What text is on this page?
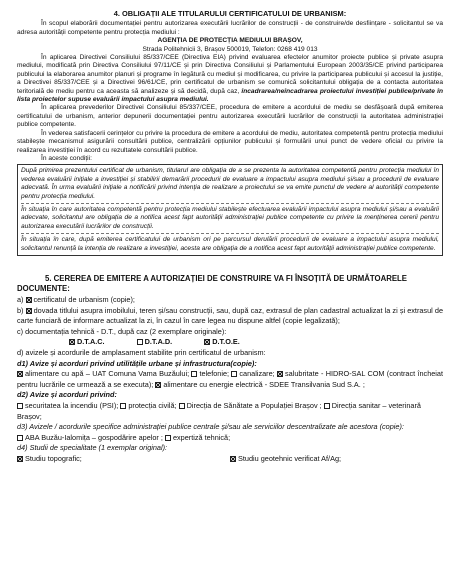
4. OBLIGAȚII ALE TITULARULUI CERTIFICATULUI DE URBANISM:

În scopul elaborării documentației pentru autorizarea executării lucrărilor de construcții - de construire/de desființare - solicitantul se va adresa autorității competente pentru protecția mediului :

AGENȚIA DE PROTECȚIA MEDIULUI BRAȘOV,
Strada Politehnicii 3, Brașov 500019, Telefon: 0268 419 013

În aplicarea Directivei Consiliului 85/337/CEE (Directiva EIA) privind evaluarea efectelor anumitor proiecte publice și private asupra mediului, modificată prin Directiva Consiliului 97/11/CE și prin Directiva Consiliului și Parlamentului European 2003/35/CE privind participarea publicului la elaborarea anumitor planuri și programe în legătură cu mediul și modificarea, cu privire la participarea publicului și accesul la justiție, a Directivei 85/337/CEE și a Directivei 96/61/CE, prin certificatul de urbanism se comunică solicitantului obligația de a contacta autoritatea teritorială de mediu pentru ca aceasta să analizeze și să decidă, după caz, încadrarea/neîncadrarea proiectului investiției publice/private în lista proiectelor supuse evaluării impactului asupra mediului.

În aplicarea prevederilor Directivei Consiliului 85/337/CEE, procedura de emitere a acordului de mediu se desfășoară după emiterea certificatului de urbanism, anterior depunerii documentației pentru autorizarea executării lucrărilor de construcții la autoritatea administrației publice competente.

În vederea satisfacerii cerințelor cu privire la procedura de emitere a acordului de mediu, autoritatea competentă pentru protecția mediului stabilește mecanismul asigurării consultării publice, centralizării opțiunilor publicului și formulării unui punct de vedere oficial cu privire la realizarea investiției în acord cu rezultatele consultării publice.

În aceste condiții:

După primirea prezentului certificat de urbanism, titularul are obligația de a se prezenta la autoritatea competentă pentru protecția mediului în vederea evaluării inițiale a investiției și stabilirii demarării procedurii de evaluare a impactului asupra mediului și/sau a procedurii de evaluare adecvată. În urma evaluării inițiale a notificării privind intenția de realizare a proiectului se va emite punctul de vedere al autorității competente pentru protecția mediului.

În situația în care autoritatea competentă pentru protecția mediului stabilește efectuarea evaluării impactului asupra mediului și/sau a evaluării adecvate, solicitantul are obligația de a notifica acest fapt autorității administrației publice competente cu privire la menținerea cererii pentru autorizarea executării lucrărilor de construcții.

În situația în care, după emiterea certificatului de urbanism ori pe parcursul derulării procedurii de evaluare a impactului asupra mediului, solicitantul renunță la intenția de realizare a investiției, acesta are obligația de a notifica acest fapt autorității administrației publice competente.

5. CEREREA DE EMITERE A AUTORIZAȚIEI DE CONSTRUIRE VA FI ÎNSOȚITĂ DE URMĂTOARELE
DOCUMENTE:
a) certificatul de urbanism (copie);
b) dovada titlului asupra imobilului, teren și/sau construcții, sau, după caz, extrasul de plan cadastral actualizat la zi și extrasul de carte funciară de informare actualizat la zi, în cazul în care legea nu dispune altfel (copie legalizată);
c) documentația tehnică - D.T., după caz (2 exemplare originale):
D.T.A.C.	D.T.A.D.	D.T.O.E.
d) avizele și acordurile de amplasament stabilite prin certificatul de urbanism:
d1) Avize și acorduri privind utilitățile urbane și infrastructura(copie):
alimentare cu apă – UAT Comuna Vama Buzăului; telefonie; canalizare; salubritate - HIDRO-SAL COM (contract încheiat pentru lucrările ce urmează a se executa); alimentare cu energie electrică - SDEE Transilvania Sud S.A. ;
d2) Avize și acorduri privind:
securitatea la incendiu (PSI); protecția civilă; Direcția de Sănătate a Populației Brașov ; Direcția sanitar – veterinară Brașov;
d3) Avizele / acordurile specifice administrației publice centrale și/sau ale serviciilor descentralizate ale acestora (copie):
ABA Buzău-Ialomița – gospodărire apelor ; expertiză tehnică;
d4) Studii de specialitate (1 exemplar original):
Studiu topografic;	Studiu geotehnic verificat Af/Ag;
